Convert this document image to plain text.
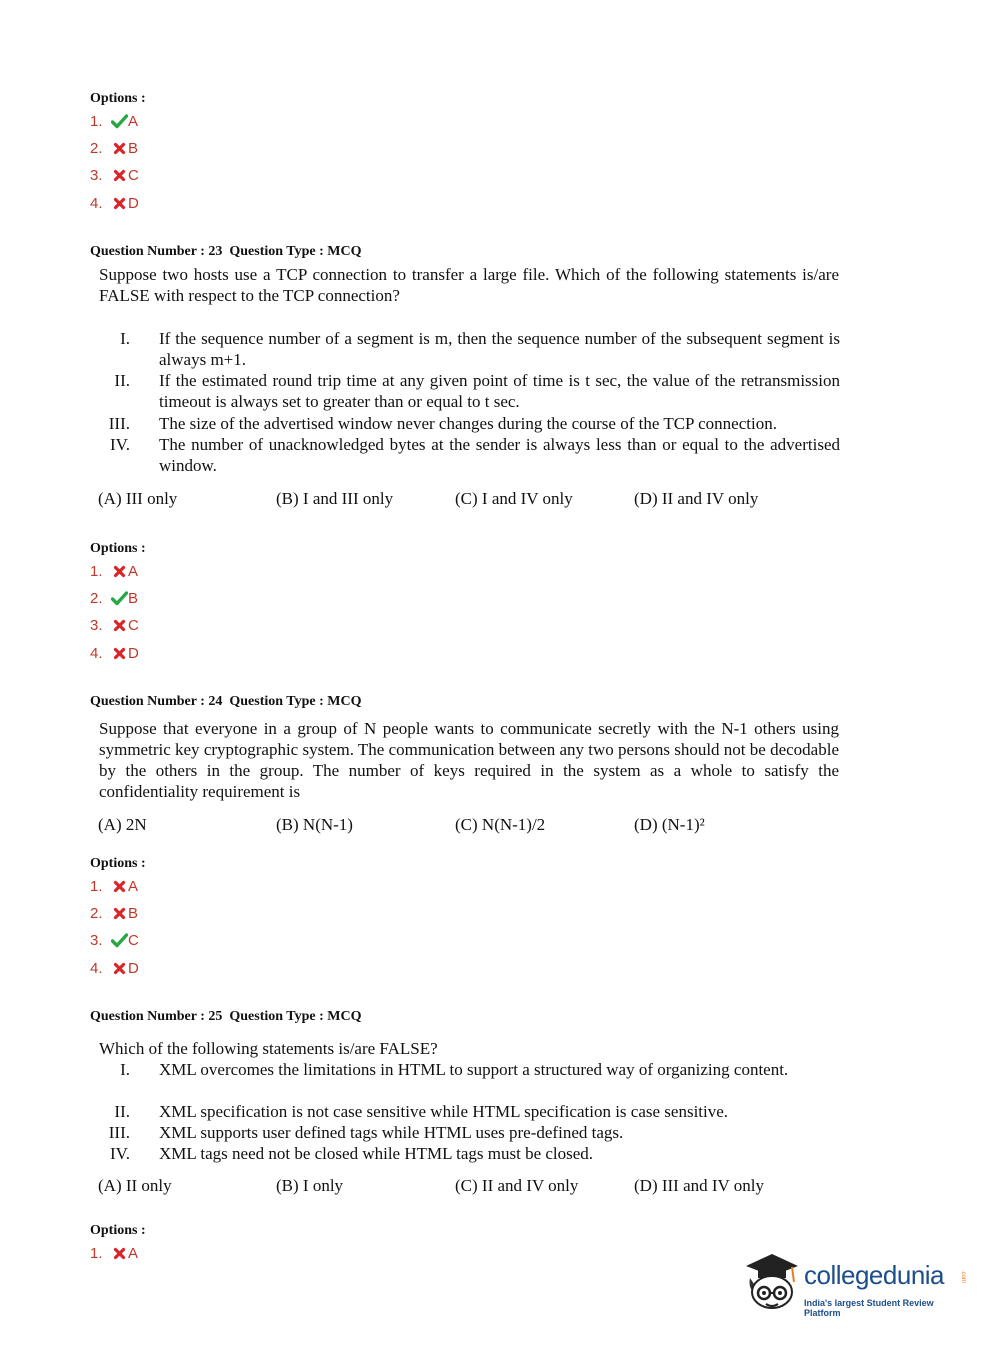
Options :
1.	A
2.	B
3.	C
4.	D
Question Number : 23  Question Type : MCQ
Suppose two hosts use a TCP connection to transfer a large file. Which of the following statements is/are FALSE with respect to the TCP connection?
I. If the sequence number of a segment is m, then the sequence number of the subsequent segment is always m+1.
II. If the estimated round trip time at any given point of time is t sec, the value of the retransmission timeout is always set to greater than or equal to t sec.
III. The size of the advertised window never changes during the course of the TCP connection.
IV. The number of unacknowledged bytes at the sender is always less than or equal to the advertised window.
(A) III only	(B) I and III only	(C) I and IV only	(D) II and IV only
Options :
1.	A
2.	B
3.	C
4.	D
Question Number : 24  Question Type : MCQ
Suppose that everyone in a group of N people wants to communicate secretly with the N-1 others using symmetric key cryptographic system. The communication between any two persons should not be decodable by the others in the group. The number of keys required in the system as a whole to satisfy the confidentiality requirement is
(A) 2N	(B) N(N-1)	(C) N(N-1)/2	(D) (N-1)²
Options :
1.	A
2.	B
3.	C
4.	D
Question Number : 25  Question Type : MCQ
Which of the following statements is/are FALSE?
I. XML overcomes the limitations in HTML to support a structured way of organizing content.
II. XML specification is not case sensitive while HTML specification is case sensitive.
III. XML supports user defined tags while HTML uses pre-defined tags.
IV. XML tags need not be closed while HTML tags must be closed.
(A) II only	(B) I only	(C) II and IV only	(D) III and IV only
Options :
1.	A
collegedunia	.com
India's largest Student Review Platform
